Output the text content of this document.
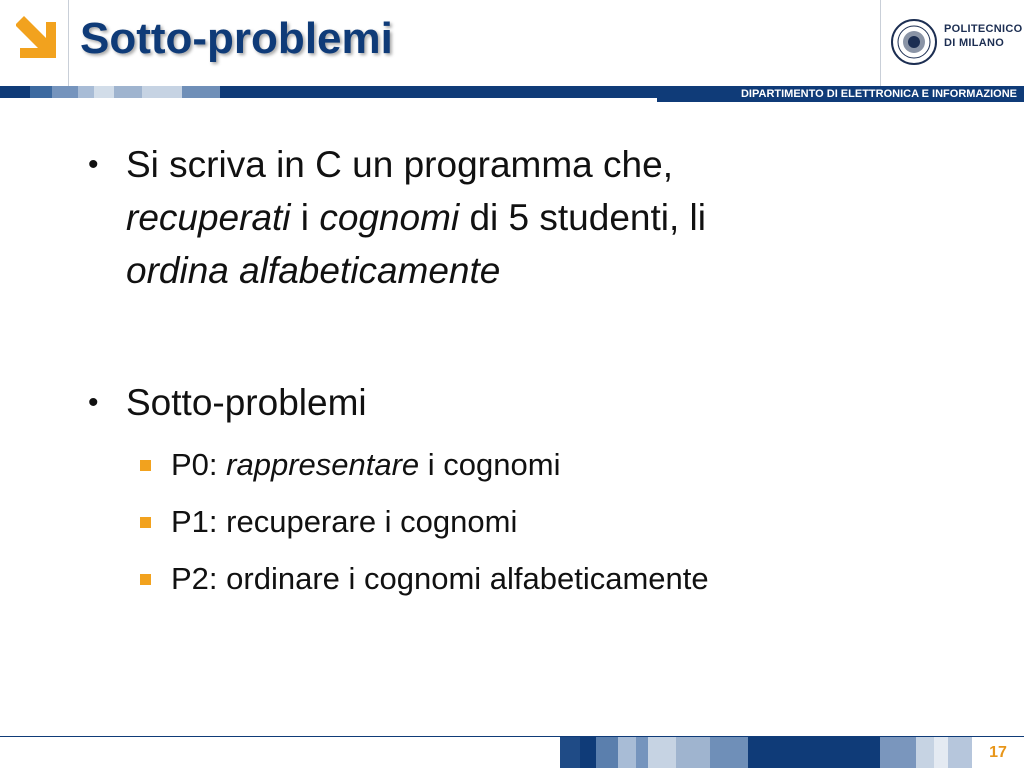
Sotto-problemi	POLITECNICO
DI MILANO
DIPARTIMENTO DI ELETTRONICA E INFORMAZIONE
• Si scriva in C un programma che,
recuperati i cognomi di 5 studenti, li
ordina alfabeticamente
• Sotto-problemi
P0: rappresentare i cognomi
P1: recuperare i cognomi
P2: ordinare i cognomi alfabeticamente
17
